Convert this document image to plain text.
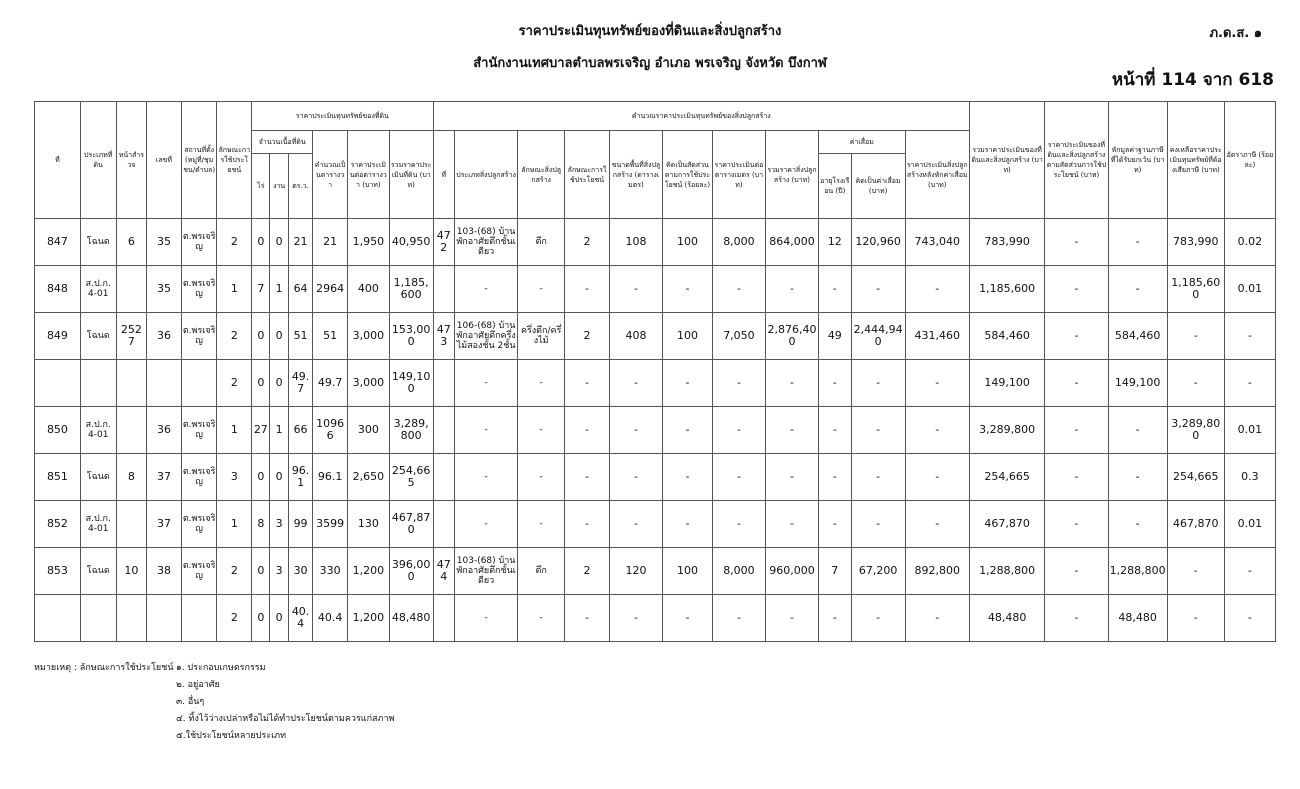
ราคาประเมินทุนทรัพย์ของที่ดินและสิ่งปลูกสร้าง
สำนักงานเทศบาลตำบลพรเจริญ อำเภอ พรเจริญ จังหวัด บึงกาฬ
ภ.ด.ส. ๑
หน้าที่ 114 จาก 618
ที่	ประเภทที่ดิน	หน้าสำรวจ	เลขที่	สถานที่ตั้ง(หมู่ที่/ชุมชน/ตำบล)	ลักษณะการใช้ประโยชน์	ราคาประเมินทุนทรัพย์ของที่ดิน						คำนวณราคาประเมินทุนทรัพย์ของสิ่งปลูกสร้าง											รวมราคาประเมินของที่ดินและสิ่งปลูกสร้าง (บาท)	ราคาประเมินของที่ดินและสิ่งปลูกสร้างตามสัดส่วนการใช้ประโยชน์ (บาท)	หักมูลค่าฐานภาษีที่ได้รับยกเว้น (บาท)	คงเหลือราคาประเมินทุนทรัพย์ที่ต้องเสียภาษี (บาท)	อัตราภาษี (ร้อยละ)
						จำนวนเนื้อที่ดิน			คำนวณเป็นตารางวา	ราคาประเมินต่อตารางวา (บาท)	รวมราคาประเมินที่ดิน (บาท)	ที่	ประเภทสิ่งปลูกสร้าง	ลักษณะสิ่งปลูกสร้าง	ลักษณะการใช้ประโยชน์	ขนาดพื้นที่สิ่งปลูกสร้าง (ตารางเมตร)	คิดเป็นสัดส่วนตามการใช้ประโยชน์ (ร้อยละ)	ราคาประเมินต่อตารางเมตร (บาท)	รวมราคาสิ่งปลูกสร้าง (บาท)	ค่าเสื่อม		ราคาประเมินสิ่งปลูกสร้างหลังหักค่าเสื่อม (บาท)					
						ไร่	งาน	ตร.ว.												อายุโรงเรือน (ปี)	คิดเป็นค่าเสื่อม (บาท)						
847	โฉนด	6	35	ต.พรเจริญ	2	0	0	21	21	1,950	40,950	472	103-(68) บ้านพักอาศัยตึกชั้นเดียว	ตึก	2	108	100	8,000	864,000	12	120,960	743,040	783,990	-	-	783,990	0.02
848	ส.ป.ก. 4-01		35	ต.พรเจริญ	1	7	1	64	2964	400	1,185,600		-	-	-	-	-	-	-	-	-	-	1,185,600	-	-	1,185,600	0.01
849	โฉนด	2527	36	ต.พรเจริญ	2	0	0	51	51	3,000	153,000	473	106-(68) บ้านพักอาศัยตึกครึ่งไม้สองชั้น 2ชั้น	ครึ่งตึก/ครึ่งไม้	2	408	100	7,050	2,876,400	49	2,444,940	431,460	584,460	-	584,460	-	-
					2	0	0	49.7	49.7	3,000	149,100		-	-	-	-	-	-	-	-	-	-	149,100	-	149,100	-	-
850	ส.ป.ก. 4-01		36	ต.พรเจริญ	1	27	1	66	10966	300	3,289,800		-	-	-	-	-	-	-	-	-	-	3,289,800	-	-	3,289,800	0.01
851	โฉนด	8	37	ต.พรเจริญ	3	0	0	96.1	96.1	2,650	254,665		-	-	-	-	-	-	-	-	-	-	254,665	-	-	254,665	0.3
852	ส.ป.ก. 4-01		37	ต.พรเจริญ	1	8	3	99	3599	130	467,870		-	-	-	-	-	-	-	-	-	-	467,870	-	-	467,870	0.01
853	โฉนด	10	38	ต.พรเจริญ	2	0	3	30	330	1,200	396,000	474	103-(68) บ้านพักอาศัยตึกชั้นเดียว	ตึก	2	120	100	8,000	960,000	7	67,200	892,800	1,288,800	-	1,288,800	-	-
					2	0	0	40.4	40.4	1,200	48,480		-	-	-	-	-	-	-	-	-	-	48,480	-	48,480	-	-
หมายเหตุ : ลักษณะการใช้ประโยชน์ ๑. ประกอบเกษตรกรรม
๒. อยู่อาศัย
๓. อื่นๆ
๔. ทิ้งไว้ว่างเปล่าหรือไม่ได้ทำประโยชน์ตามควรแก่สภาพ
๕.ใช้ประโยชน์หลายประเภท
